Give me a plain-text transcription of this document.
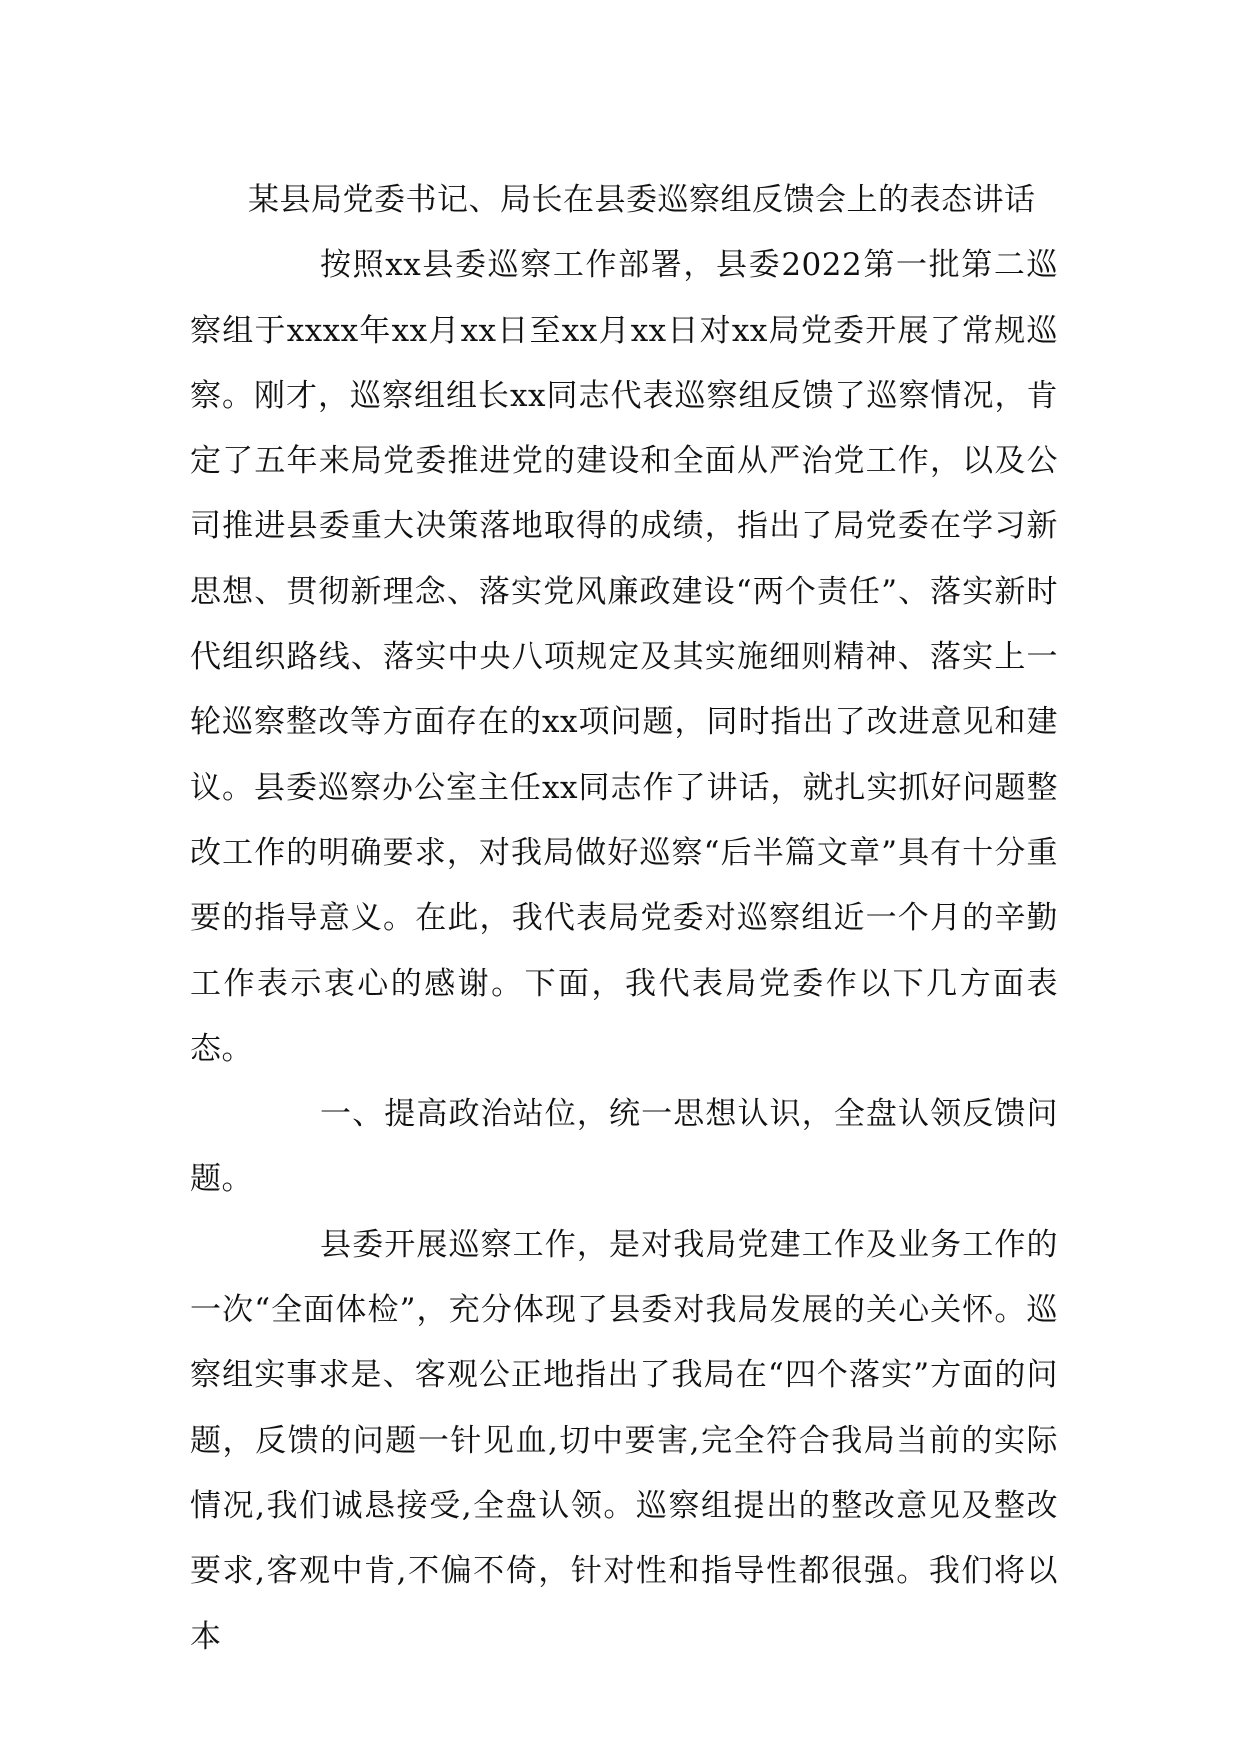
某县局党委书记、局长在县委巡察组反馈会上的表态讲话

按照xx县委巡察工作部署，县委2022第一批第二巡察组于xxxx年xx月xx日至xx月xx日对xx局党委开展了常规巡察。刚才，巡察组组长xx同志代表巡察组反馈了巡察情况，肯定了五年来局党委推进党的建设和全面从严治党工作，以及公司推进县委重大决策落地取得的成绩，指出了局党委在学习新思想、贯彻新理念、落实党风廉政建设“两个责任”、落实新时代组织路线、落实中央八项规定及其实施细则精神、落实上一轮巡察整改等方面存在的xx项问题，同时指出了改进意见和建议。县委巡察办公室主任xx同志作了讲话，就扎实抓好问题整改工作的明确要求，对我局做好巡察“后半篇文章”具有十分重要的指导意义。在此，我代表局党委对巡察组近一个月的辛勤工作表示衷心的感谢。下面，我代表局党委作以下几方面表态。

一、提高政治站位，统一思想认识，全盘认领反馈问题。

县委开展巡察工作，是对我局党建工作及业务工作的一次“全面体检”，充分体现了县委对我局发展的关心关怀。巡察组实事求是、客观公正地指出了我局在“四个落实”方面的问题，反馈的问题一针见血,切中要害,完全符合我局当前的实际情况,我们诚恳接受,全盘认领。巡察组提出的整改意见及整改要求,客观中肯,不偏不倚，针对性和指导性都很强。我们将以本
